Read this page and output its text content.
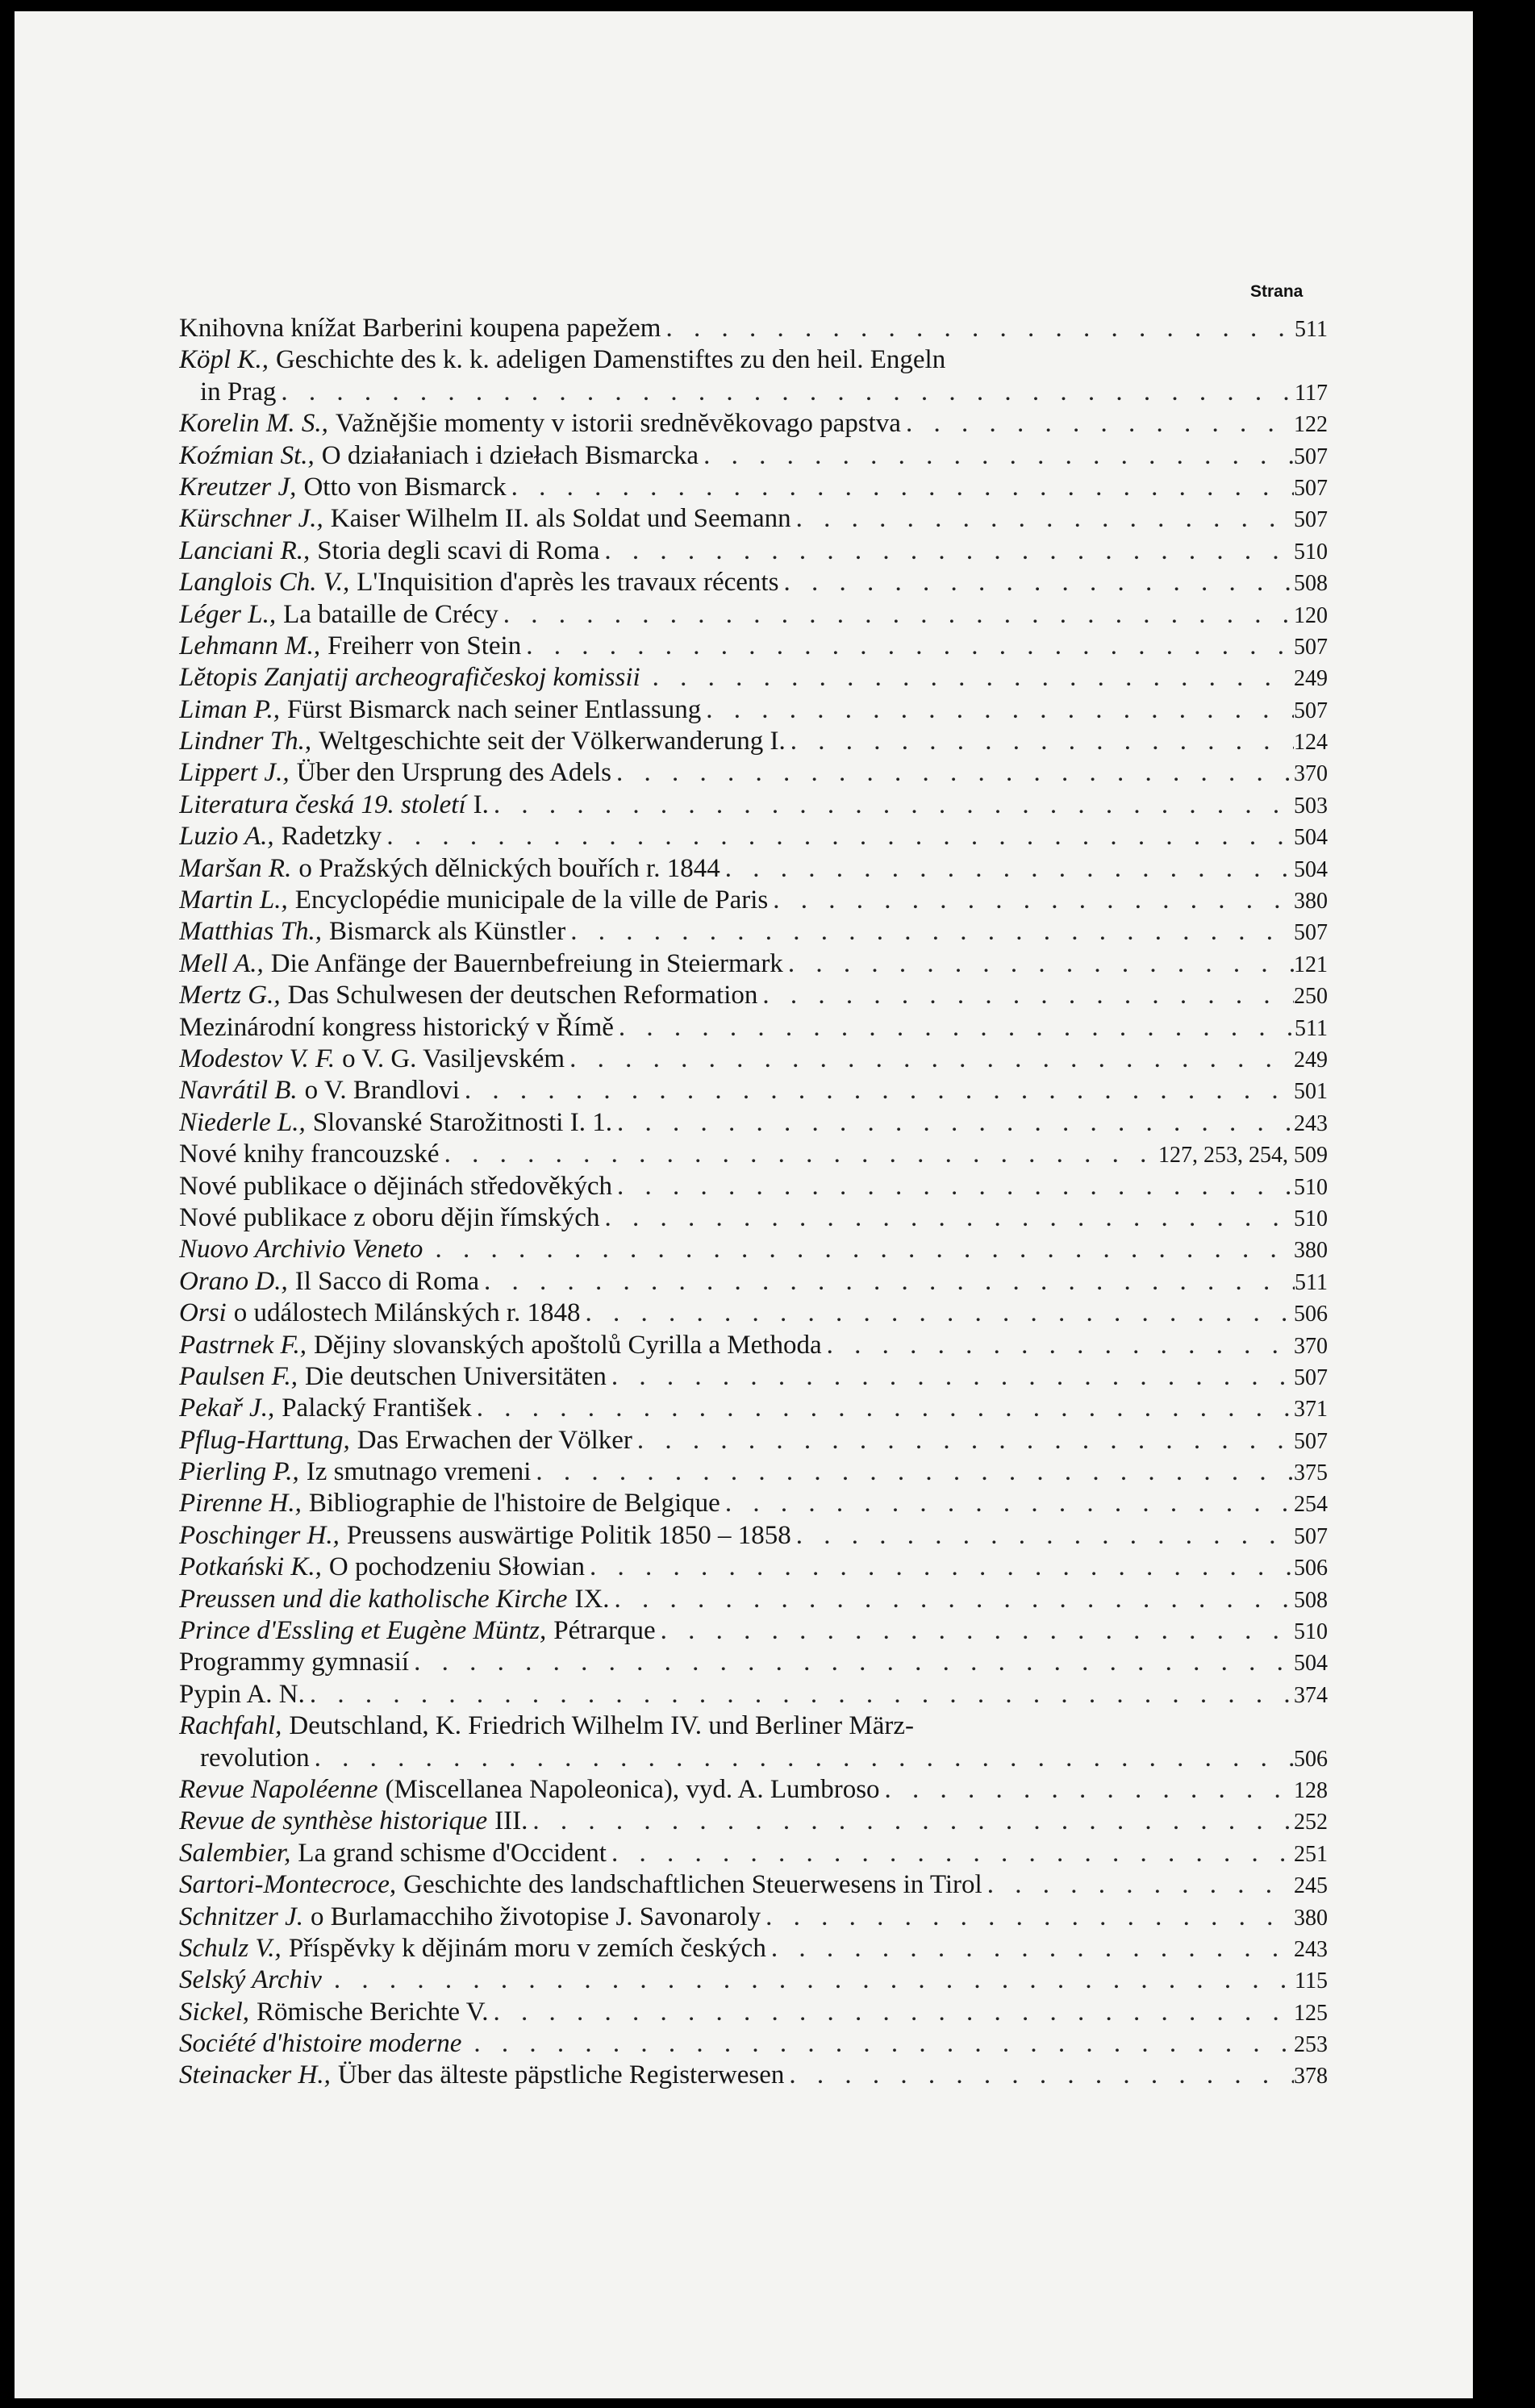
Strana
Knihovna knížat Barberini koupena papežem . . .	511
Köpl K., Geschichte des k. k. adeligen Damenstiftes zu den heil. Engeln
in Prag . . .	117
Korelin M. S., Važnějšie momenty v istorii srednĕvĕkovago papstva . . .	122
Koźmian St., O działaniach i dziełach Bismarcka . . .	507
Kreutzer J, Otto von Bismarck . . .	507
Kürschner J., Kaiser Wilhelm II. als Soldat und Seemann . . .	507
Lanciani R., Storia degli scavi di Roma . . .	510
Langlois Ch. V., L'Inquisition d'après les travaux récents . . .	508
Léger L., La bataille de Crécy . . .	120
Lehmann M., Freiherr von Stein . . .	507
Lĕtopis Zanjatij archeografičeskoj komissii . . .	249
Liman P., Fürst Bismarck nach seiner Entlassung . . .	507
Lindner Th., Weltgeschichte seit der Völkerwanderung I. . . .	124
Lippert J., Über den Ursprung des Adels . . .	370
Literatura česká 19. století I. . . .	503
Luzio A., Radetzky . . .	504
Maršan R. o Pražských dělnických bouřích r. 1844 . . .	504
Martin L., Encyclopédie municipale de la ville de Paris . . .	380
Matthias Th., Bismarck als Künstler . . .	507
Mell A., Die Anfänge der Bauernbefreiung in Steiermark . . .	121
Mertz G., Das Schulwesen der deutschen Reformation . . .	250
Mezinárodní kongress historický v Římě . . .	511
Modestov V. F. o V. G. Vasiljevském . . .	249
Navrátil B. o V. Brandlovi . . .	501
Niederle L., Slovanské Starožitnosti I. 1. . . .	243
Nové knihy francouzské . . .	127, 253, 254, 509
Nové publikace o dějinách středověkých . . .	510
Nové publikace z oboru dějin římských . . .	510
Nuovo Archivio Veneto . . .	380
Orano D., Il Sacco di Roma . . .	511
Orsi o událostech Milánských r. 1848 . . .	506
Pastrnek F., Dějiny slovanských apoštolů Cyrilla a Methoda . . .	370
Paulsen F., Die deutschen Universitäten . . .	507
Pekař J., Palacký František . . .	371
Pflug-Harttung, Das Erwachen der Völker . . .	507
Pierling P., Iz smutnago vremeni . . .	375
Pirenne H., Bibliographie de l'histoire de Belgique . . .	254
Poschinger H., Preussens auswärtige Politik 1850 – 1858 . . .	507
Potkański K., O pochodzeniu Słowian . . .	506
Preussen und die katholische Kirche IX. . . .	508
Prince d'Essling et Eugène Müntz, Pétrarque . . .	510
Programmy gymnasií . . .	504
Pypin A. N. . . .	374
Rachfahl, Deutschland, K. Friedrich Wilhelm IV. und Berliner März-
revolution . . .	506
Revue Napoléenne (Miscellanea Napoleonica), vyd. A. Lumbroso . . .	128
Revue de synthèse historique III. . . .	252
Salembier, La grand schisme d'Occident . . .	251
Sartori-Montecroce, Geschichte des landschaftlichen Steuerwesens in Tirol . . .	245
Schnitzer J. o Burlamacchiho životopise J. Savonaroly . . .	380
Schulz V., Příspěvky k dějinám moru v zemích českých . . .	243
Selský Archiv . . .	115
Sickel, Römische Berichte V. . . .	125
Société d'histoire moderne . . .	253
Steinacker H., Über das älteste päpstliche Registerwesen . . .	378
